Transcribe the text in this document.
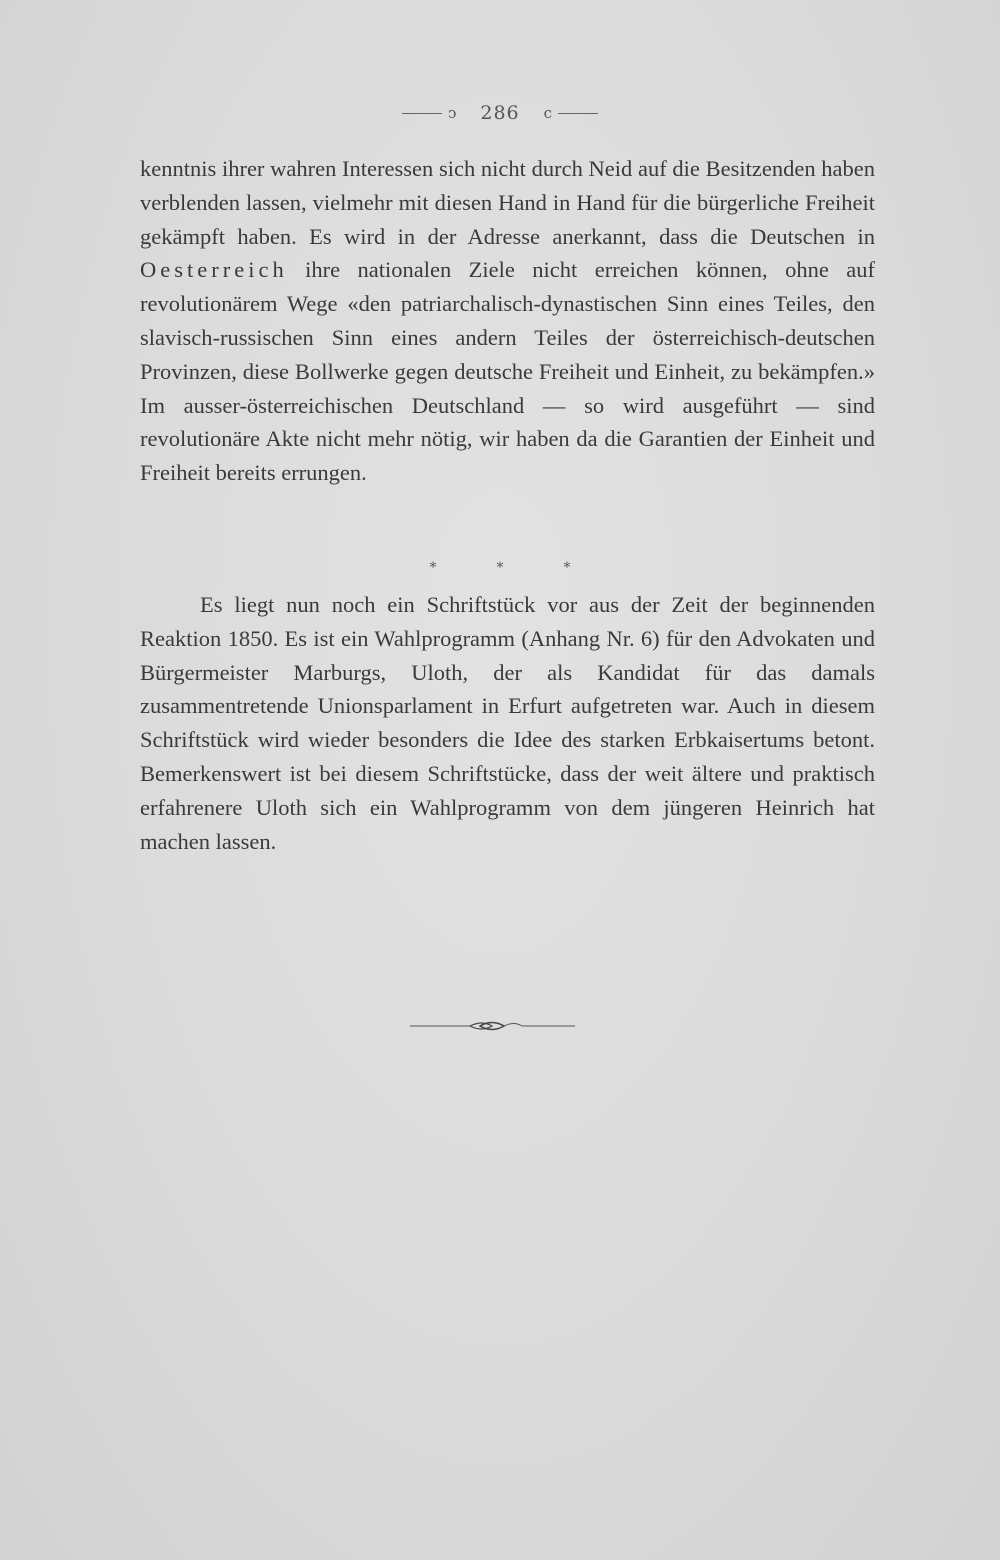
ↄ 286 c

kenntnis ihrer wahren Interessen sich nicht durch Neid auf die Besitzenden haben verblenden lassen, vielmehr mit diesen Hand in Hand für die bürgerliche Freiheit gekämpft haben. Es wird in der Adresse anerkannt, dass die Deutschen in Oesterreich ihre nationalen Ziele nicht erreichen können, ohne auf revolutionärem Wege «den patriarchalisch-dynastischen Sinn eines Teiles, den slavisch-russischen Sinn eines andern Teiles der österreichisch-deutschen Provinzen, diese Bollwerke gegen deutsche Freiheit und Einheit, zu bekämpfen.» Im ausser-österreichischen Deutschland — so wird ausgeführt — sind revolutionäre Akte nicht mehr nötig, wir haben da die Garantien der Einheit und Freiheit bereits errungen.

*	*	*

Es liegt nun noch ein Schriftstück vor aus der Zeit der beginnenden Reaktion 1850. Es ist ein Wahlprogramm (Anhang Nr. 6) für den Advokaten und Bürgermeister Marburgs, Uloth, der als Kandidat für das damals zusammentretende Unionsparlament in Erfurt aufgetreten war. Auch in diesem Schriftstück wird wieder besonders die Idee des starken Erbkaisertums betont. Bemerkenswert ist bei diesem Schriftstücke, dass der weit ältere und praktisch erfahrenere Uloth sich ein Wahlprogramm von dem jüngeren Heinrich hat machen lassen.
